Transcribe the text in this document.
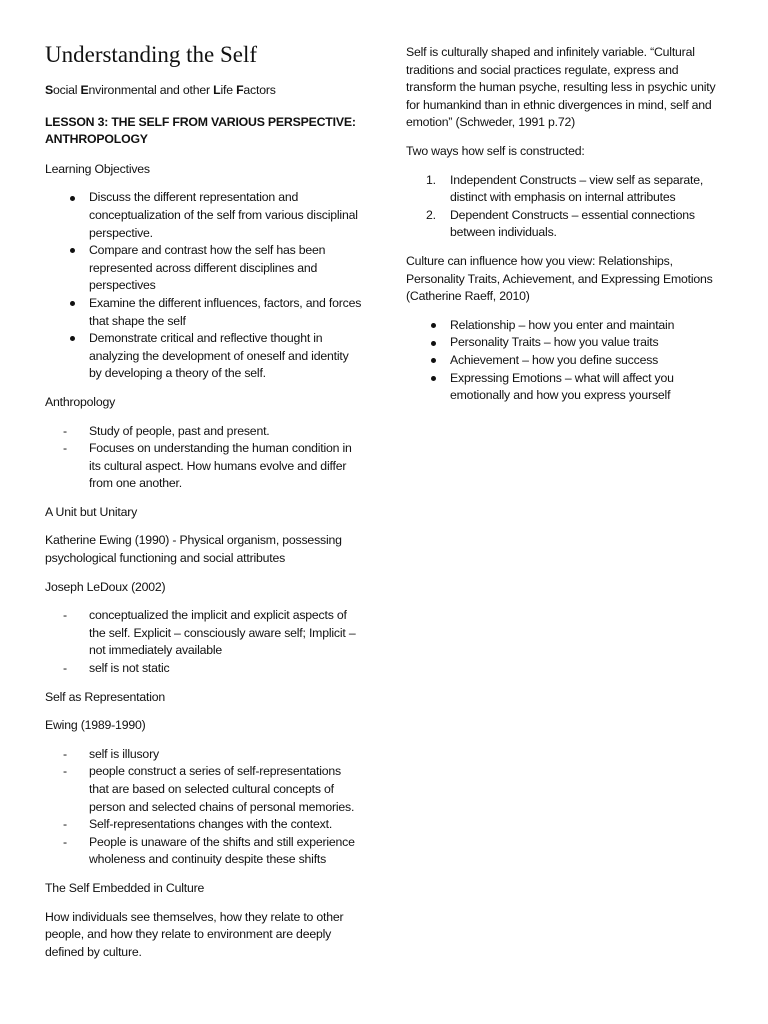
Understanding the Self

Social Environmental and other Life Factors

LESSON 3: THE SELF FROM VARIOUS PERSPECTIVE: ANTHROPOLOGY

Learning Objectives

Discuss the different representation and conceptualization of the self from various disciplinal perspective.
Compare and contrast how the self has been represented across different disciplines and perspectives
Examine the different influences, factors, and forces that shape the self
Demonstrate critical and reflective thought in analyzing the development of oneself and identity by developing a theory of the self.

Anthropology

- Study of people, past and present.
- Focuses on understanding the human condition in its cultural aspect. How humans evolve and differ from one another.

A Unit but Unitary

Katherine Ewing (1990) - Physical organism, possessing psychological functioning and social attributes

Joseph LeDoux (2002)

- conceptualized the implicit and explicit aspects of the self. Explicit – consciously aware self; Implicit – not immediately available
- self is not static

Self as Representation

Ewing (1989-1990)

- self is illusory
- people construct a series of self-representations that are based on selected cultural concepts of person and selected chains of personal memories.
- Self-representations changes with the context.
- People is unaware of the shifts and still experience wholeness and continuity despite these shifts

The Self Embedded in Culture

How individuals see themselves, how they relate to other people, and how they relate to environment are deeply defined by culture.

Self is culturally shaped and infinitely variable. “Cultural traditions and social practices regulate, express and transform the human psyche, resulting less in psychic unity for humankind than in ethnic divergences in mind, self and emotion” (Schweder, 1991 p.72)

Two ways how self is constructed:

1. Independent Constructs – view self as separate, distinct with emphasis on internal attributes
2. Dependent Constructs – essential connections between individuals.

Culture can influence how you view: Relationships, Personality Traits, Achievement, and Expressing Emotions (Catherine Raeff, 2010)

Relationship – how you enter and maintain
Personality Traits – how you value traits
Achievement – how you define success
Expressing Emotions – what will affect you emotionally and how you express yourself
